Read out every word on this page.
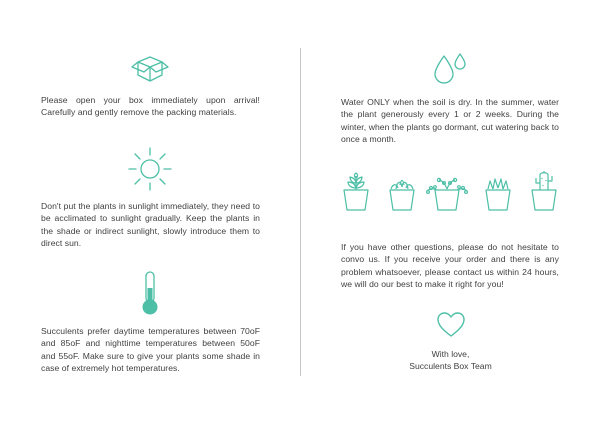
Please open your box immediately upon arrival! Carefully and gently remove the packing materials.
Don't put the plants in sunlight immediately, they need to be acclimated to sunlight gradually. Keep the plants in the shade or indirect sunlight, slowly introduce them to direct sun.
Succulents prefer daytime temperatures between 70oF and 85oF and nighttime temperatures between 50oF and 55oF. Make sure to give your plants some shade in case of extremely hot temperatures.
Water ONLY when the soil is dry. In the summer, water the plant generously every 1 or 2 weeks. During the winter, when the plants go dormant, cut watering back to once a month.
If you have other questions, please do not hesitate to convo us. If you receive your order and there is any problem whatsoever, please contact us within 24 hours, we will do our best to make it right for you!
With love,
Succulents Box Team
